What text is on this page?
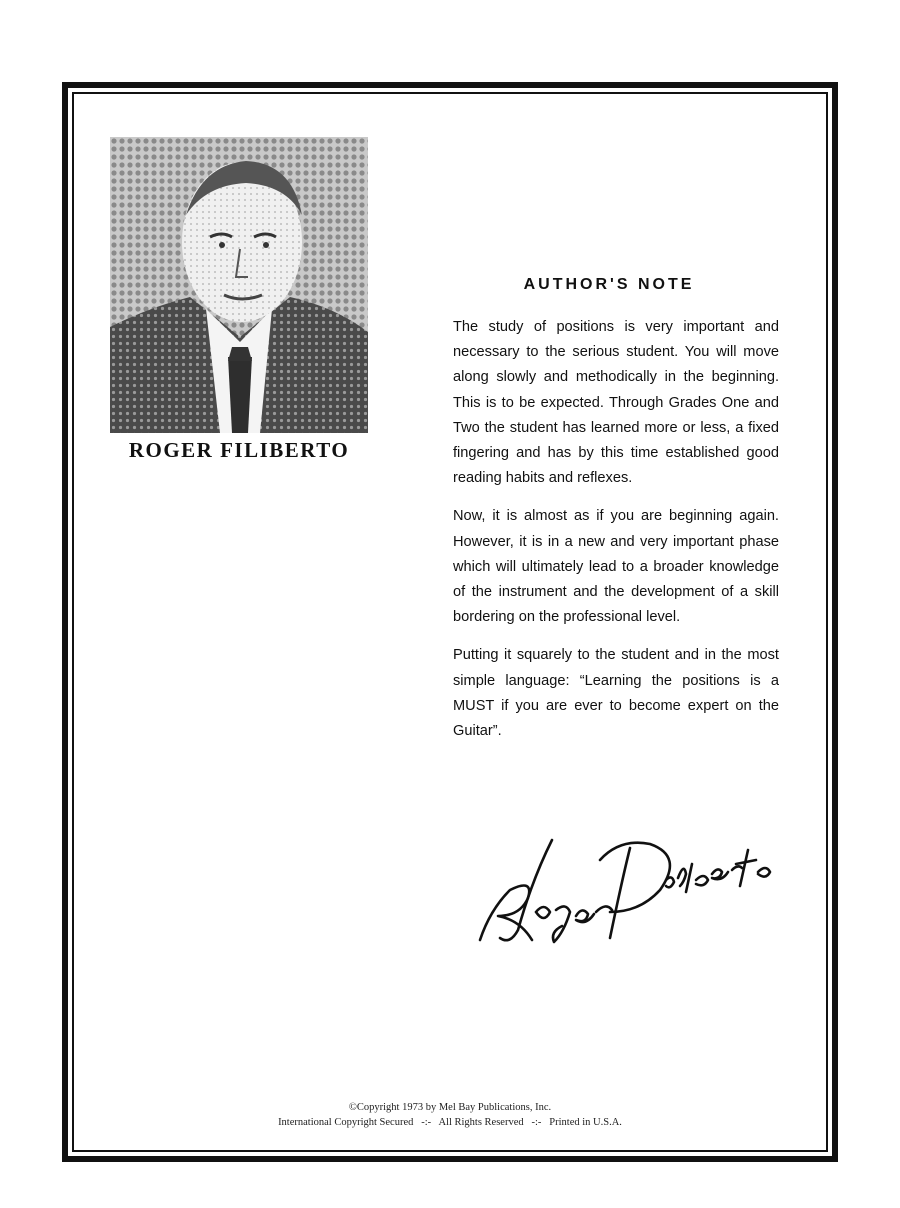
ROGER FILIBERTO
AUTHOR'S NOTE

The study of positions is very important and necessary to the serious student. You will move along slowly and methodically in the beginning. This is to be expected. Through Grades One and Two the student has learned more or less, a fixed fingering and has by this time established good reading habits and reflexes.

Now, it is almost as if you are beginning again. However, it is in a new and very important phase which will ultimately lead to a broader knowledge of the instrument and the development of a skill bordering on the professional level.

Putting it squarely to the student and in the most simple language: “Learning the positions is a MUST if you are ever to become expert on the Guitar”.

©Copyright 1973 by Mel Bay Publications, Inc.
International Copyright Secured -:- All Rights Reserved -:- Printed in U.S.A.
